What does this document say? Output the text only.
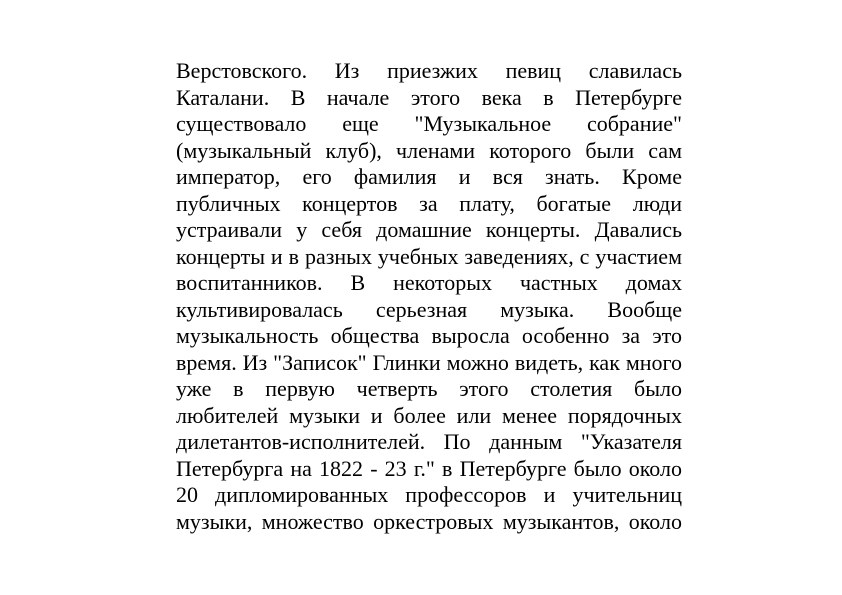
Верстовского. Из приезжих певиц славилась
Каталани. В начале этого века в Петербурге
существовало еще "Музыкальное собрание"
(музыкальный клуб), членами которого были сам
император, его фамилия и вся знать. Кроме
публичных концертов за плату, богатые люди
устраивали у себя домашние концерты. Давались
концерты и в разных учебных заведениях, с участием
воспитанников. В некоторых частных домах
культивировалась серьезная музыка. Вообще
музыкальность общества выросла особенно за это
время. Из "Записок" Глинки можно видеть, как много
уже в первую четверть этого столетия было
любителей музыки и более или менее порядочных
дилетантов-исполнителей. По данным "Указателя
Петербурга на 1822 - 23 г." в Петербурге было около
20 дипломированных профессоров и учительниц
музыки, множество оркестровых музыкантов, около
